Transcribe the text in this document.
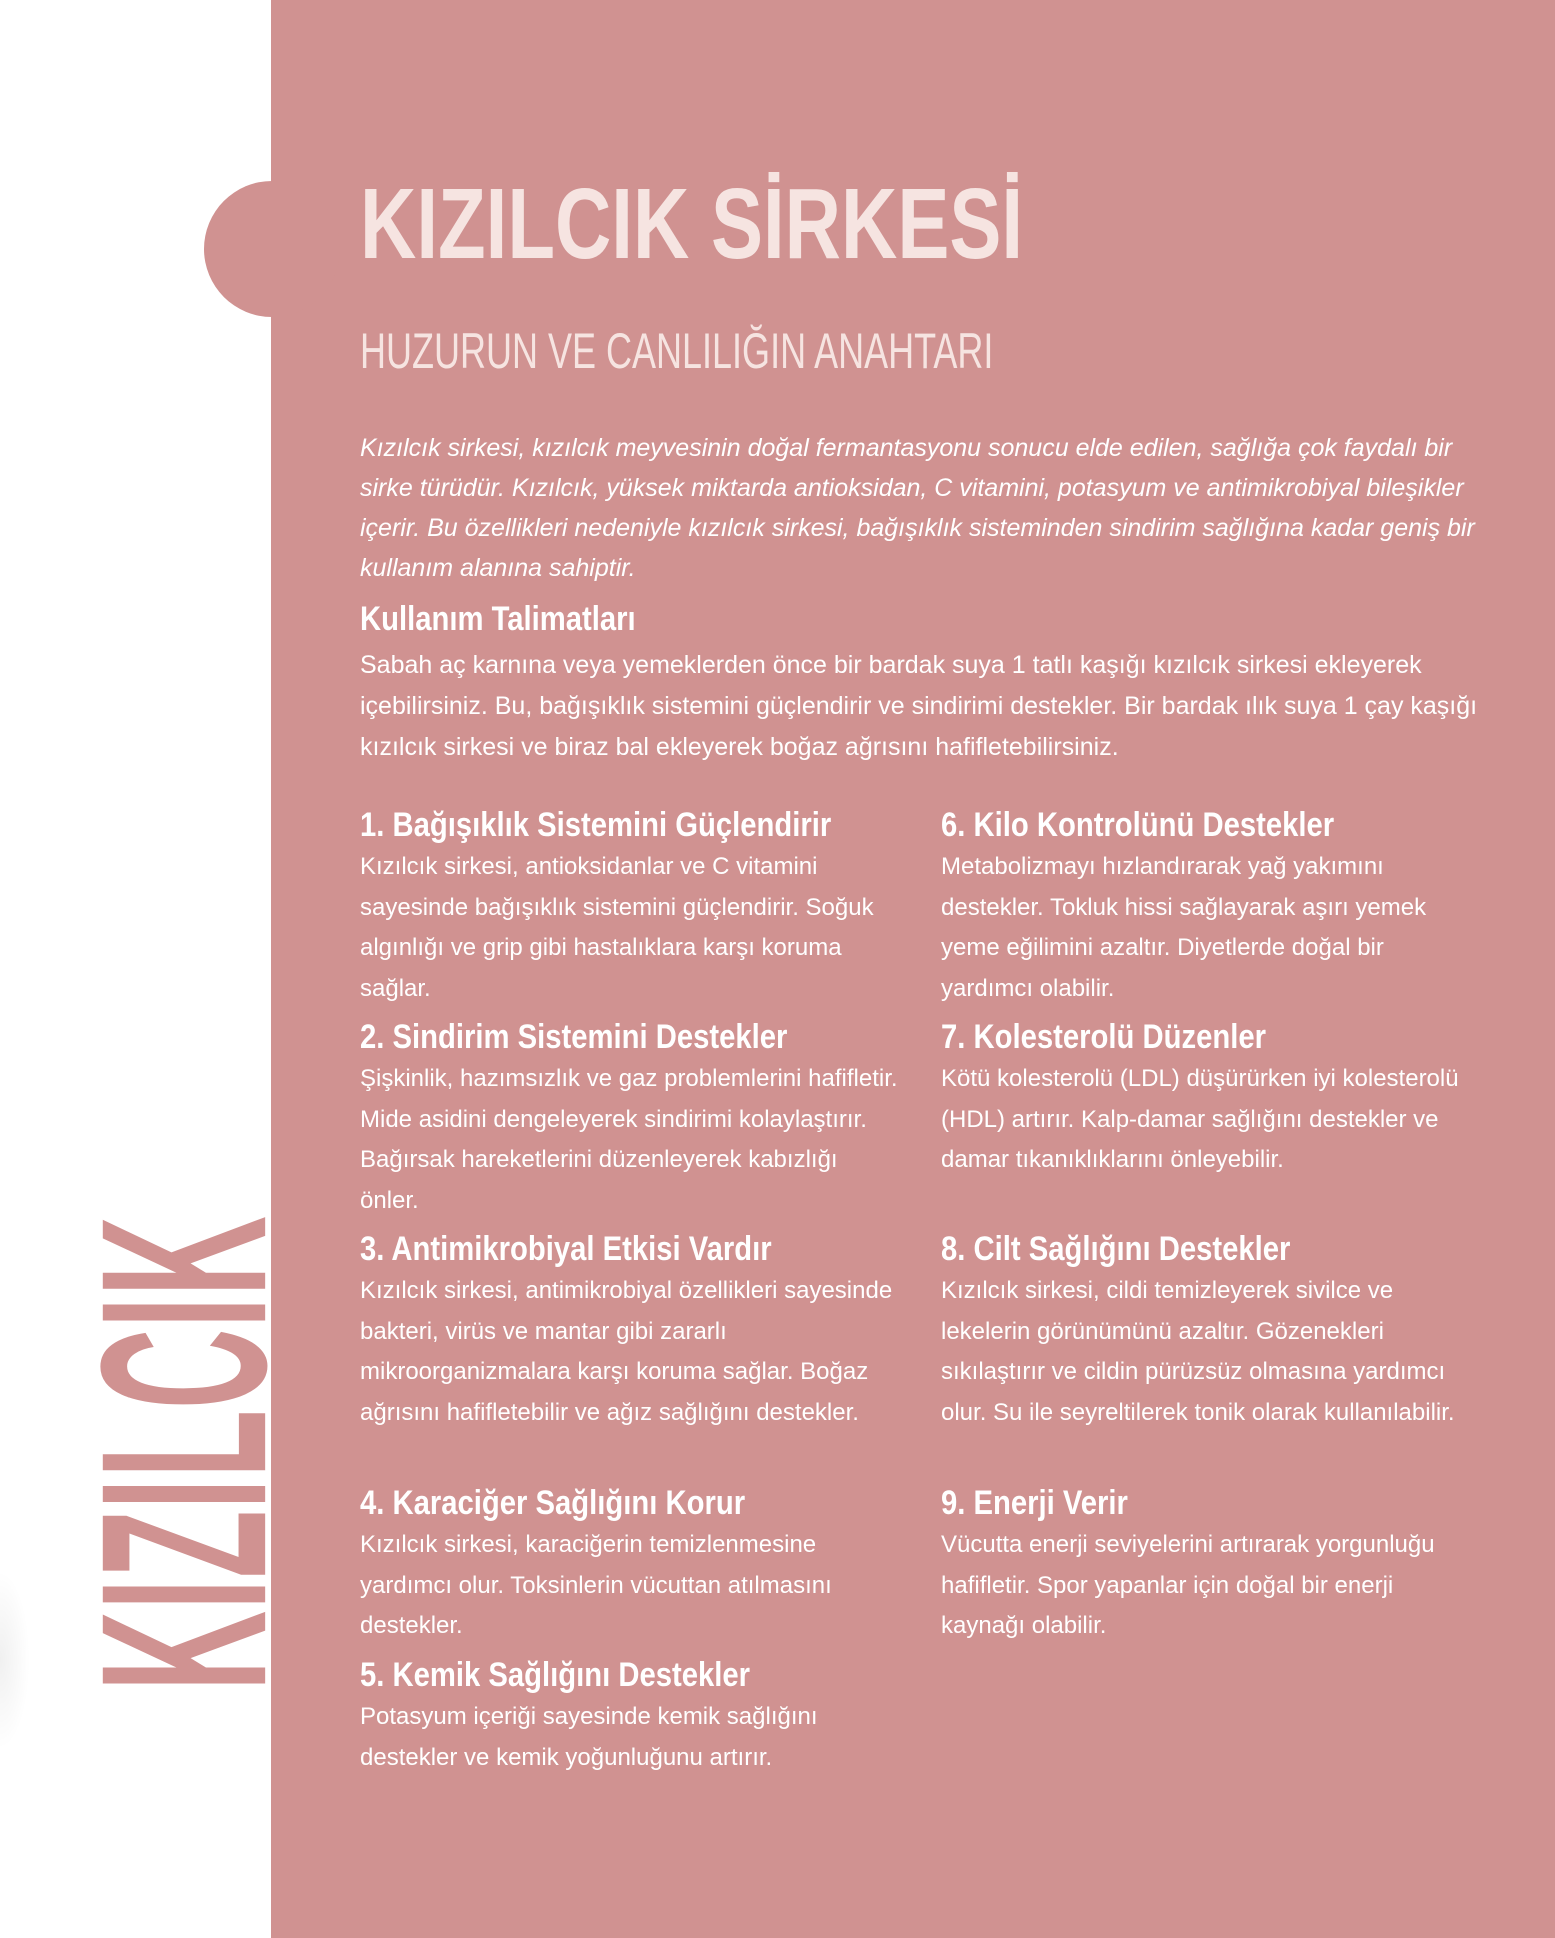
KIZILCIK
KIZILCIK SİRKESİ
HUZURUN VE CANLILIĞIN ANAHTARI

Kızılcık sirkesi, kızılcık meyvesinin doğal fermantasyonu sonucu elde edilen, sağlığa çok faydalı bir sirke türüdür. Kızılcık, yüksek miktarda antioksidan, C vitamini, potasyum ve antimikrobiyal bileşikler içerir. Bu özellikleri nedeniyle kızılcık sirkesi, bağışıklık sisteminden sindirim sağlığına kadar geniş bir kullanım alanına sahiptir.

Kullanım Talimatları

Sabah aç karnına veya yemeklerden önce bir bardak suya 1 tatlı kaşığı kızılcık sirkesi ekleyerek içebilirsiniz. Bu, bağışıklık sistemini güçlendirir ve sindirimi destekler. Bir bardak ılık suya 1 çay kaşığı kızılcık sirkesi ve biraz bal ekleyerek boğaz ağrısını hafifletebilirsiniz.

1. Bağışıklık Sistemini Güçlendirir

Kızılcık sirkesi, antioksidanlar ve C vitamini sayesinde bağışıklık sistemini güçlendirir. Soğuk algınlığı ve grip gibi hastalıklara karşı koruma sağlar.

2. Sindirim Sistemini Destekler

Şişkinlik, hazımsızlık ve gaz problemlerini hafifletir. Mide asidini dengeleyerek sindirimi kolaylaştırır. Bağırsak hareketlerini düzenleyerek kabızlığı önler.

3. Antimikrobiyal Etkisi Vardır

Kızılcık sirkesi, antimikrobiyal özellikleri sayesinde bakteri, virüs ve mantar gibi zararlı mikroorganizmalara karşı koruma sağlar. Boğaz ağrısını hafifletebilir ve ağız sağlığını destekler.

4. Karaciğer Sağlığını Korur

Kızılcık sirkesi, karaciğerin temizlenmesine yardımcı olur. Toksinlerin vücuttan atılmasını destekler.

5. Kemik Sağlığını Destekler

Potasyum içeriği sayesinde kemik sağlığını destekler ve kemik yoğunluğunu artırır.

6. Kilo Kontrolünü Destekler

Metabolizmayı hızlandırarak yağ yakımını destekler. Tokluk hissi sağlayarak aşırı yemek yeme eğilimini azaltır. Diyetlerde doğal bir yardımcı olabilir.

7. Kolesterolü Düzenler

Kötü kolesterolü (LDL) düşürürken iyi kolesterolü (HDL) artırır. Kalp-damar sağlığını destekler ve damar tıkanıklıklarını önleyebilir.

8. Cilt Sağlığını Destekler

Kızılcık sirkesi, cildi temizleyerek sivilce ve lekelerin görünümünü azaltır. Gözenekleri sıkılaştırır ve cildin pürüzsüz olmasına yardımcı olur. Su ile seyreltilerek tonik olarak kullanılabilir.

9. Enerji Verir

Vücutta enerji seviyelerini artırarak yorgunluğu hafifletir. Spor yapanlar için doğal bir enerji kaynağı olabilir.
